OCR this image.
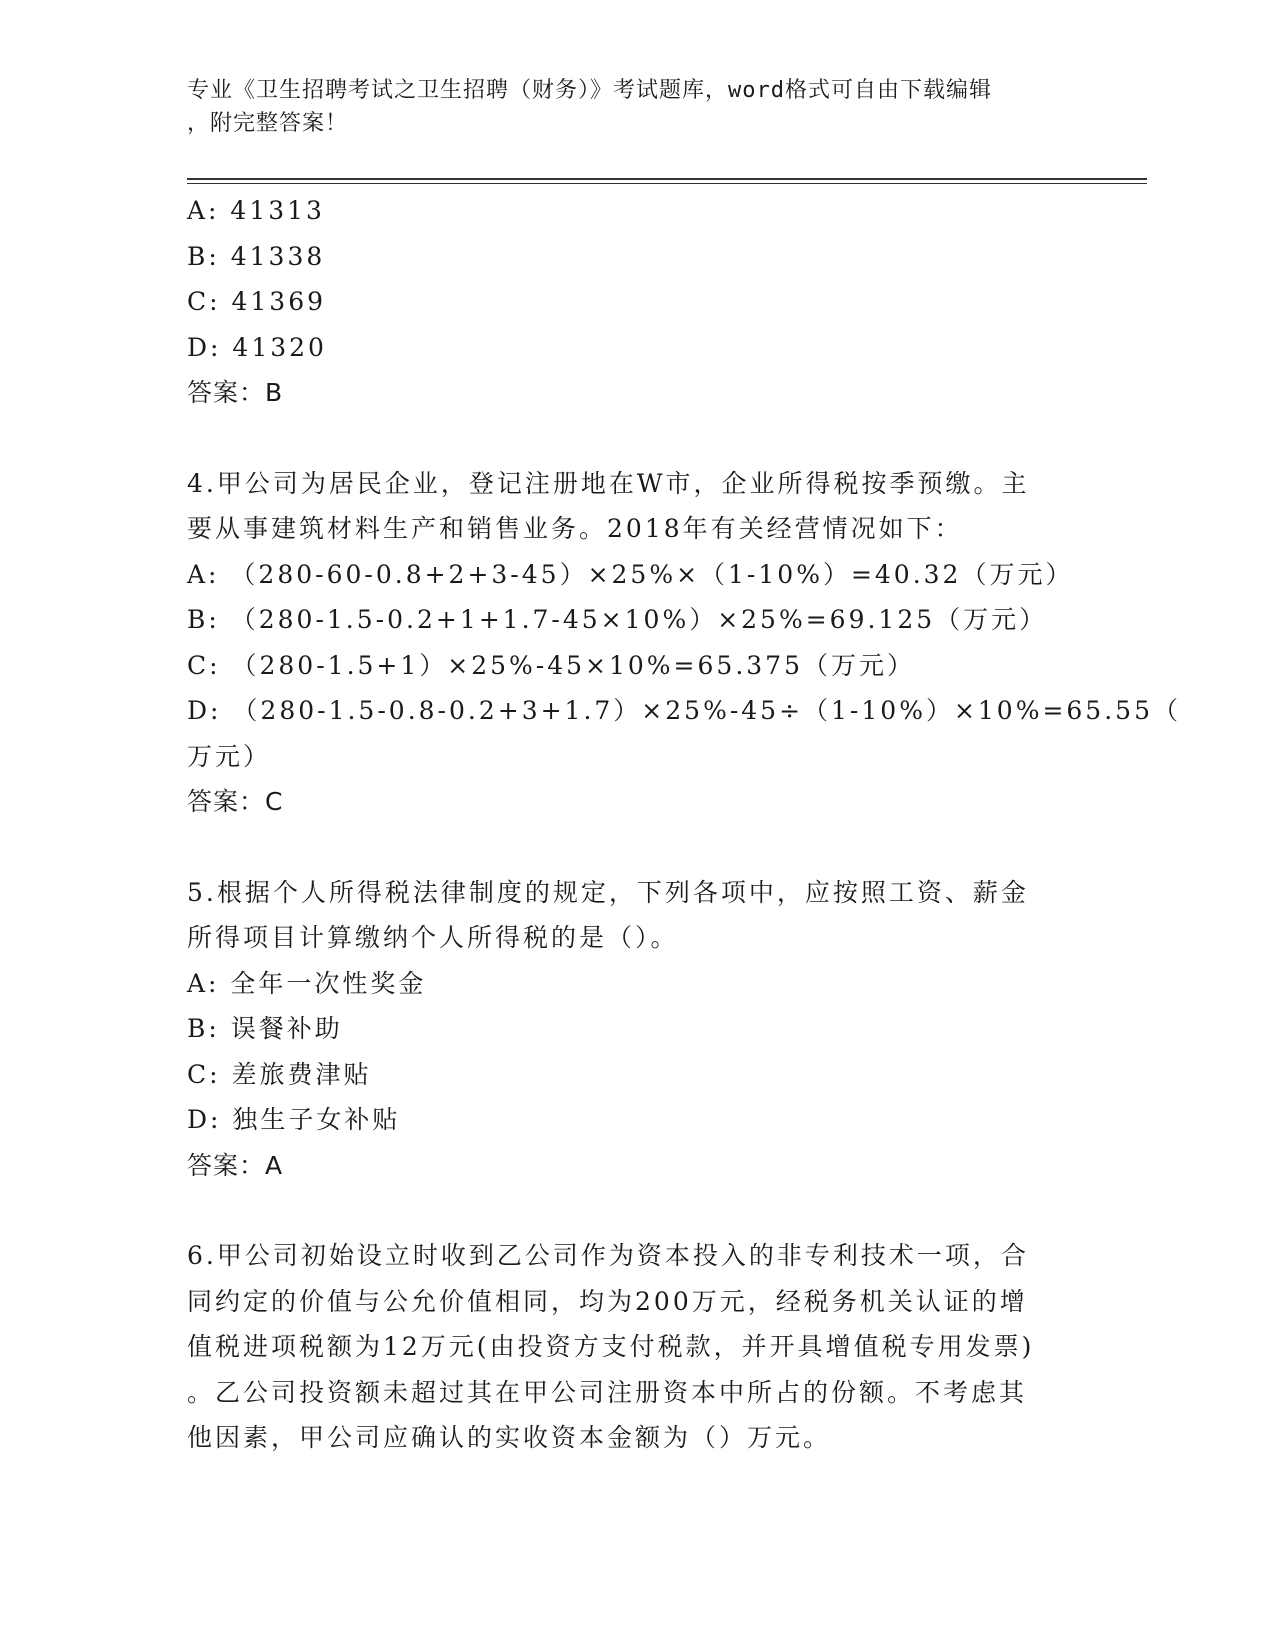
专业《卫生招聘考试之卫生招聘（财务）》考试题库，word格式可自由下载编辑
，附完整答案！
A: 41313
B: 41338
C: 41369
D: 41320
答案：B
4.甲公司为居民企业，登记注册地在W市，企业所得税按季预缴。主
要从事建筑材料生产和销售业务。2018年有关经营情况如下：
A: （280-60-0.8+2+3-45）×25%×（1-10%）=40.32（万元）
B: （280-1.5-0.2+1+1.7-45×10%）×25%=69.125（万元）
C: （280-1.5+1）×25%-45×10%=65.375（万元）
D: （280-1.5-0.8-0.2+3+1.7）×25%-45÷（1-10%）×10%=65.55（
万元）
答案：C
5.根据个人所得税法律制度的规定，下列各项中，应按照工资、薪金
所得项目计算缴纳个人所得税的是（）。
A: 全年一次性奖金
B: 误餐补助
C: 差旅费津贴
D: 独生子女补贴
答案：A
6.甲公司初始设立时收到乙公司作为资本投入的非专利技术一项，合
同约定的价值与公允价值相同，均为200万元，经税务机关认证的增
值税进项税额为12万元(由投资方支付税款，并开具增值税专用发票)
。乙公司投资额未超过其在甲公司注册资本中所占的份额。不考虑其
他因素，甲公司应确认的实收资本金额为（）万元。
